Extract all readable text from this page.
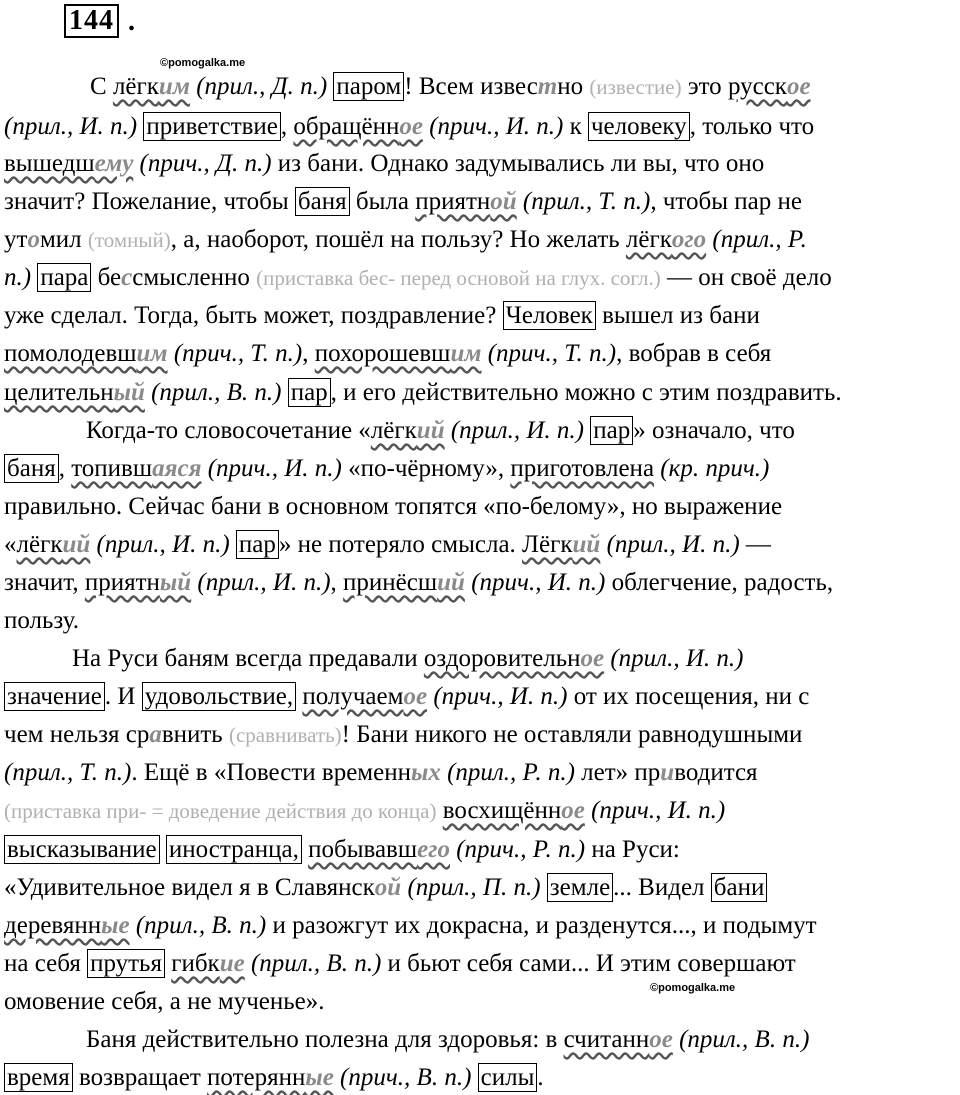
144 .
©pomogalka.me
©pomogalka.me
С лёгким (прил., Д. п.) паром ! Всем известно (известие) это русское
(прил., И. п.) приветствие , обращённое (прич., И. п.) к человеку , только что
вышедшему (прич., Д. п.) из бани. Однако задумывались ли вы, что оно
значит? Пожелание, чтобы баня была приятной (прил., Т. п.), чтобы пар не
утомил (томный), а, наоборот, пошёл на пользу? Но желать лёгкого (прил., Р.
п.) пара бессмысленно (приставка бес- перед основой на глух. согл.) — он своё дело
уже сделал. Тогда, быть может, поздравление? Человек вышел из бани
помолодевшим (прич., Т. п.), похорошевшим (прич., Т. п.), вобрав в себя
целительный (прил., В. п.) пар , и его действительно можно с этим поздравить.
Когда-то словосочетание «лёгкий (прил., И. п.) пар » означало, что
баня , топившаяся (прич., И. п.) «по-чёрному», приготовлена (кр. прич.)
правильно. Сейчас бани в основном топятся «по-белому», но выражение
«лёгкий (прил., И. п.) пар » не потеряло смысла. Лёгкий (прил., И. п.) —
значит, приятный (прил., И. п.), принёсший (прич., И. п.) облегчение, радость,
пользу.
На Руси баням всегда предавали оздоровительное (прил., И. п.)
значение . И удовольствие, получаемое (прич., И. п.) от их посещения, ни с
чем нельзя сравнить (сравнивать)! Бани никого не оставляли равнодушными
(прил., Т. п.). Ещё в «Повести временных (прил., Р. п.) лет» приводится
(приставка при- = доведение действия до конца) восхищённое (прич., И. п.)
высказывание иностранца, побывавшего (прич., Р. п.) на Руси:
«Удивительное видел я в Славянской (прил., П. п.) земле ... Видел бани
деревянные (прил., В. п.) и разожгут их докрасна, и разденутся..., и подымут
на себя прутья гибкие (прил., В. п.) и бьют себя сами... И этим совершают
омовение себя, а не мученье».
Баня действительно полезна для здоровья: в считанное (прил., В. п.)
время возвращает потерянные (прич., В. п.) силы .
